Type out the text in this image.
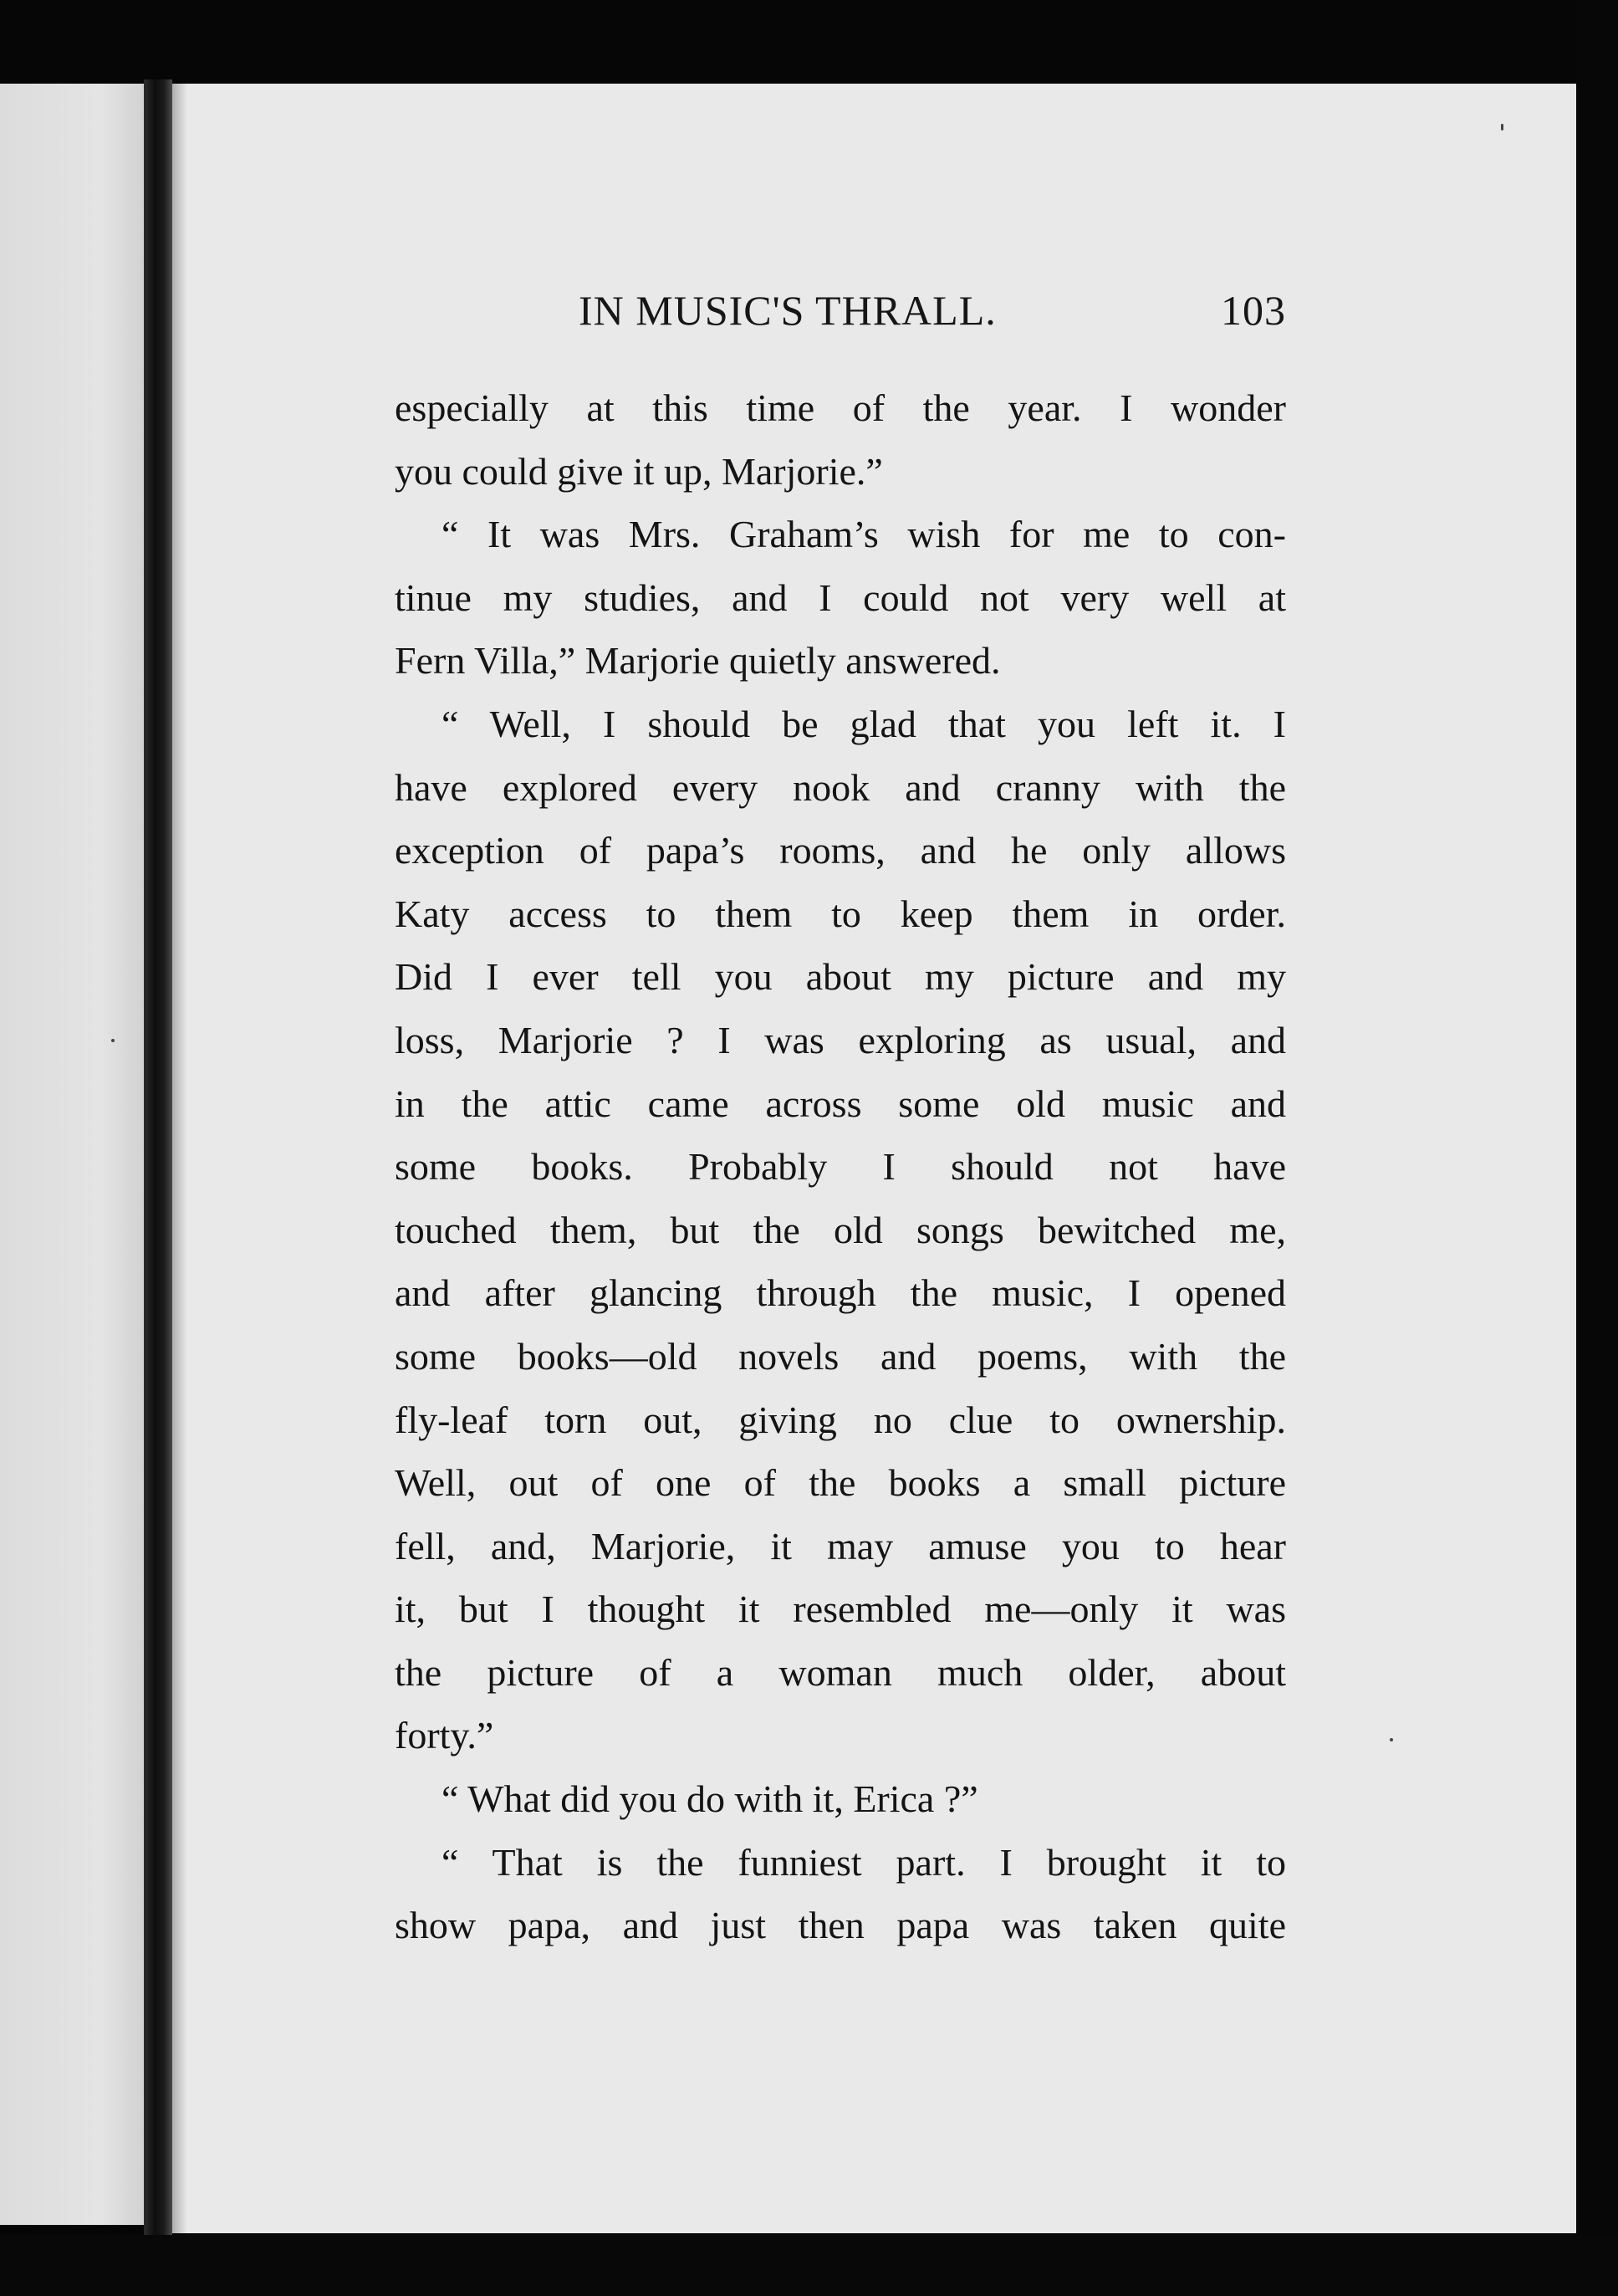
IN MUSIC'S THRALL.	103
especially at this time of the year. I wonder
you could give it up, Marjorie.”
“ It was Mrs. Graham’s wish for me to con-
tinue my studies, and I could not very well at
Fern Villa,” Marjorie quietly answered.
“ Well, I should be glad that you left it. I
have explored every nook and cranny with the
exception of papa’s rooms, and he only allows
Katy access to them to keep them in order.
Did I ever tell you about my picture and my
loss, Marjorie ? I was exploring as usual, and
in the attic came across some old music and
some books. Probably I should not have
touched them, but the old songs bewitched me,
and after glancing through the music, I opened
some books—old novels and poems, with the
fly-leaf torn out, giving no clue to ownership.
Well, out of one of the books a small picture
fell, and, Marjorie, it may amuse you to hear
it, but I thought it resembled me—only it was
the picture of a woman much older, about
forty.”
“ What did you do with it, Erica ?”
“ That is the funniest part. I brought it to
show papa, and just then papa was taken quite
